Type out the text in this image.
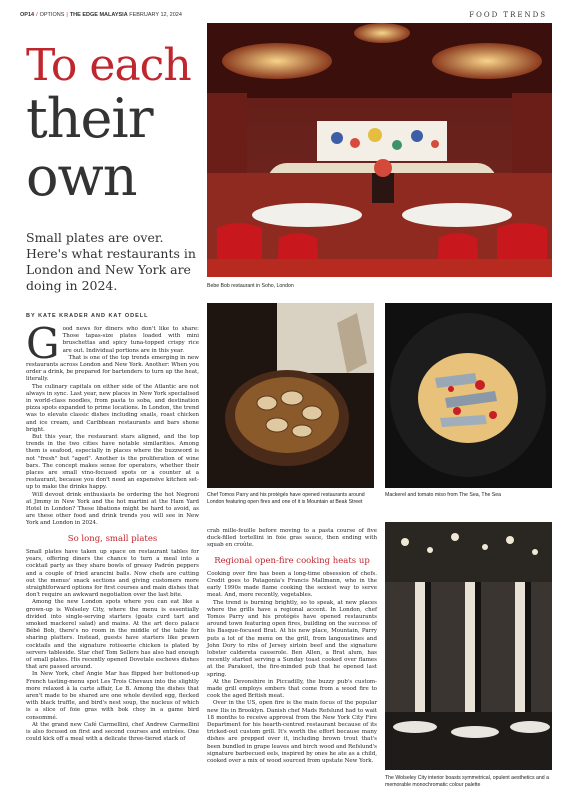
OP14 / OPTIONS | THE EDGE MALAYSIA FEBRUARY 12, 2024	FOOD TRENDS
To each
their
own
Small plates are over. Here's what restaurants in London and New York are doing in 2024.	Bebe Bob restaurant in Soho, London
Chef Tomos Parry and his protégés have opened restaurants around London featuring open fires and one of it is Mountain at Beak Street
Mackerel and tomato miso from The Sea, The Sea
The Wolseley City interior boasts symmetrical, opulent aesthetics and a memorable monochromatic colour palette
BY KATE KRADER AND KAT ODELL

Good news for diners who don't like to share: Those tapas-size plates loaded with mini bruschettas and spicy tuna-topped crispy rice are out. Individual portions are in this year.

That is one of the top trends emerging in new restaurants across London and New York. Another: When you order a drink, be prepared for bartenders to turn up the heat, literally.

The culinary capitals on either side of the Atlantic are not always in sync. Last year, new places in New York specialised in world-class noodles, from pasta to soba, and destination pizza spots expanded to prime locations. In London, the trend was to elevate classic dishes including snails, roast chicken and ice cream, and Caribbean restaurants and bars shone bright.

But this year, the restaurant stars aligned, and the top trends in the two cities have notable similarities. Among them is seafood, especially in places where the buzzword is not "fresh" but "aged". Another is the proliferation of wine bars. The concept makes sense for operators, whether their places are small vino-focused spots or a counter at a restaurant, because you don't need an expensive kitchen set-up to make the drinks happy.

Will devout drink enthusiasts be ordering the hot Negroni at Jimmy in New York and the hot martini at the Ham Yard Hotel in London? These libations might be hard to avoid, as are these other food and drink trends you will see in New York and London in 2024.

So long, small plates

Small plates have taken up space on restaurant tables for years, offering diners the chance to turn a meal into a cocktail party as they share bowls of greasy Padrón peppers and a couple of fried arancini balls. Now chefs are cutting out the menus' snack sections and giving customers more straightforward options for first courses and main dishes that don't require an awkward negotiation over the last bite.

Among the new London spots where you can eat like a grown-up is Wolseley City, where the menu is essentially divided into single-serving starters (goats curd tart and smoked mackerel salad) and mains. At the art deco palace Bébé Bob, there's no room in the middle of the table for sharing platters. Instead, guests have starters like prawn cocktails and the signature rotisserie chicken is plated by servers tableside. Star chef Tom Sellers has also had enough of small plates. His recently opened Dovetale eschews dishes that are passed around.

In New York, chef Angie Mar has flipped her buttoned-up French tasting-menu spot Les Trois Chevaux into the slightly more relaxed à la carte affair, Le B. Among the dishes that aren't made to be shared are one whole deviled egg, flecked with black truffle, and bird's nest soup, the nucleus of which is a slice of foie gras with bok choy in a game bird consommé.

At the grand new Café Carmellini, chef Andrew Carmellini is also focused on first and second courses and entrées. One could kick off a meal with a delicate three-tiered stack of

crab mille-feuille before moving to a pasta course of five duck-filled tortellini in foie gras sauce, then ending with squab en croûte.

Regional open-fire cooking heats up

Cooking over fire has been a long-time obsession of chefs. Credit goes to Patagonia's Francis Mallmann, who in the early 1990s made flame cooking the sexiest way to serve meat. And, more recently, vegetables.

The trend is burning brightly, so to speak, at new places where the grills have a regional accent. In London, chef Tomos Parry and his protégés have opened restaurants around town featuring open fires, building on the success of his Basque-focused Brat. At his new place, Mountain, Parry puts a lot of the menu on the grill, from langoustines and John Dory to ribs of Jersey sirloin beef and the signature lobster caldereta casserole. Ben Allen, a Brat alum, has recently started serving a Sunday toast cooked over flames at the Parakeet, the fire-minded pub that he opened last spring.

At the Devonshire in Piccadilly, the buzzy pub's custom-made grill employs embers that come from a wood fire to cook the aged British meat.

Over in the US, open fire is the main focus of the popular new Ilis in Brooklyn. Danish chef Mads Refslund had to wait 18 months to receive approval from the New York City Fire Department for his hearth-centred restaurant because of its tricked-out custom grill. It's worth the effort because many dishes are prepped over it, including brown trout that's been bundled in grape leaves and birch wood and Refslund's signature barbecued eels, inspired by ones he ate as a child, cooked over a mix of wood sourced from upstate New York.
